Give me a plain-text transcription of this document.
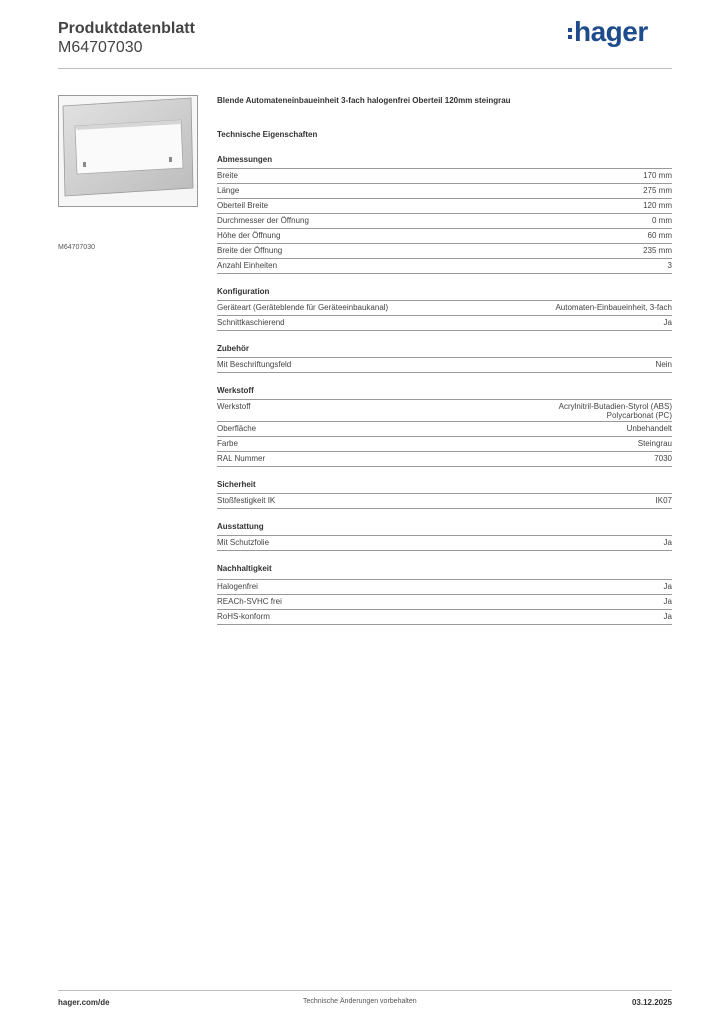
Produktdatenblatt
M64707030
hager
M64707030
Blende Automateneinbaueinheit 3-fach halogenfrei Oberteil 120mm steingrau
Technische Eigenschaften
Abmessungen
Breite	170 mm
Länge	275 mm
Oberteil Breite	120 mm
Durchmesser der Öffnung	0 mm
Höhe der Öffnung	60 mm
Breite der Öffnung	235 mm
Anzahl Einheiten	3
Konfiguration
Geräteart (Geräteblende für Geräteeinbaukanal)	Automaten-Einbaueinheit, 3-fach
Schnittkaschierend	Ja
Zubehör
Mit Beschriftungsfeld	Nein
Werkstoff
Werkstoff	Acrylnitril-Butadien-Styrol (ABS)
Polycarbonat (PC)
Oberfläche	Unbehandelt
Farbe	Steingrau
RAL Nummer	7030
Sicherheit
Stoßfestigkeit IK	IK07
Ausstattung
Mit Schutzfolie	Ja
Nachhaltigkeit
Halogenfrei	Ja
REACh-SVHC frei	Ja
RoHS-konform	Ja
hager.com/de	Technische Änderungen vorbehalten	03.12.2025
